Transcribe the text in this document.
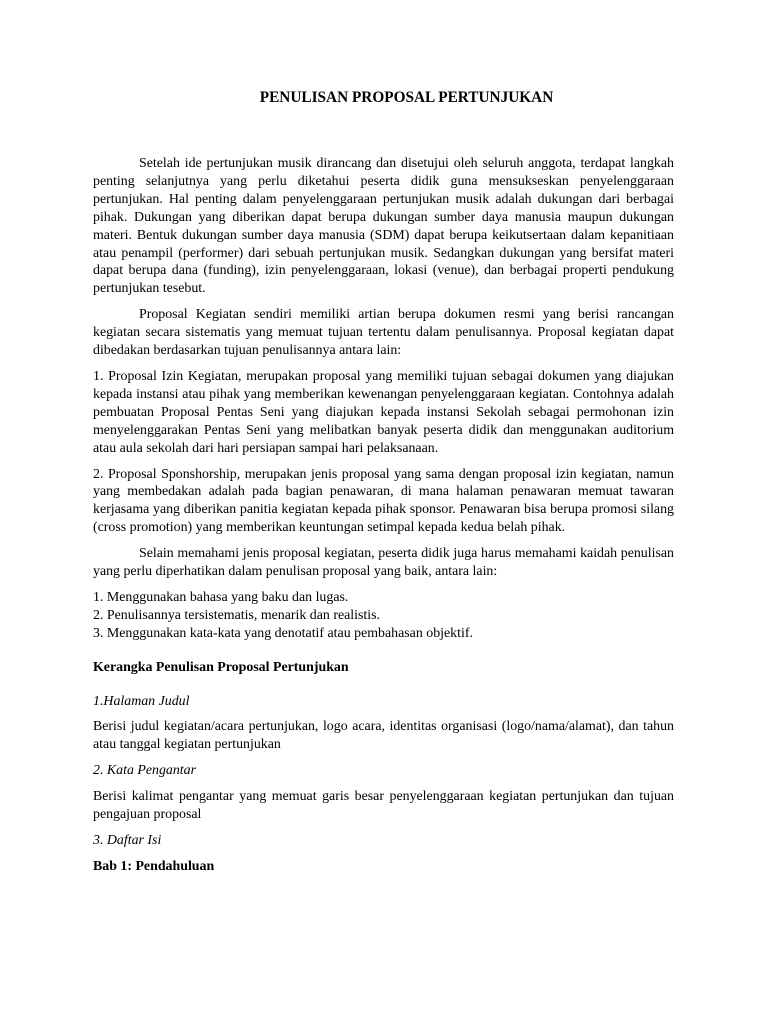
PENULISAN PROPOSAL PERTUNJUKAN

Setelah ide pertunjukan musik dirancang dan disetujui oleh seluruh anggota, terdapat langkah penting selanjutnya yang perlu diketahui peserta didik guna mensukseskan penyelenggaraan pertunjukan. Hal penting dalam penyelenggaraan pertunjukan musik adalah dukungan dari berbagai pihak. Dukungan yang diberikan dapat berupa dukungan sumber daya manusia maupun dukungan materi. Bentuk dukungan sumber daya manusia (SDM) dapat berupa keikutsertaan dalam kepanitiaan atau penampil (performer) dari sebuah pertunjukan musik. Sedangkan dukungan yang bersifat materi dapat berupa dana (funding), izin penyelenggaraan, lokasi (venue), dan berbagai properti pendukung pertunjukan tesebut.

Proposal Kegiatan sendiri memiliki artian berupa dokumen resmi yang berisi rancangan kegiatan secara sistematis yang memuat tujuan tertentu dalam penulisannya. Proposal kegiatan dapat dibedakan berdasarkan tujuan penulisannya antara lain:

1. Proposal Izin Kegiatan, merupakan proposal yang memiliki tujuan sebagai dokumen yang diajukan kepada instansi atau pihak yang memberikan kewenangan penyelenggaraan kegiatan. Contohnya adalah pembuatan Proposal Pentas Seni yang diajukan kepada instansi Sekolah sebagai permohonan izin menyelenggarakan Pentas Seni yang melibatkan banyak peserta didik dan menggunakan auditorium atau aula sekolah dari hari persiapan sampai hari pelaksanaan.

2. Proposal Sponshorship, merupakan jenis proposal yang sama dengan proposal izin kegiatan, namun yang membedakan adalah pada bagian penawaran, di mana halaman penawaran memuat tawaran kerjasama yang diberikan panitia kegiatan kepada pihak sponsor. Penawaran bisa berupa promosi silang (cross promotion) yang memberikan keuntungan setimpal kepada kedua belah pihak.

Selain memahami jenis proposal kegiatan, peserta didik juga harus memahami kaidah penulisan yang perlu diperhatikan dalam penulisan proposal yang baik, antara lain:

1. Menggunakan bahasa yang baku dan lugas.
2. Penulisannya tersistematis, menarik dan realistis.
3. Menggunakan kata-kata yang denotatif atau pembahasan objektif.

Kerangka Penulisan Proposal Pertunjukan

1.Halaman Judul

Berisi judul kegiatan/acara pertunjukan, logo acara, identitas organisasi (logo/nama/alamat), dan tahun atau tanggal kegiatan pertunjukan

2. Kata Pengantar

Berisi kalimat pengantar yang memuat garis besar penyelenggaraan kegiatan pertunjukan dan tujuan pengajuan proposal

3. Daftar Isi

Bab 1: Pendahuluan
